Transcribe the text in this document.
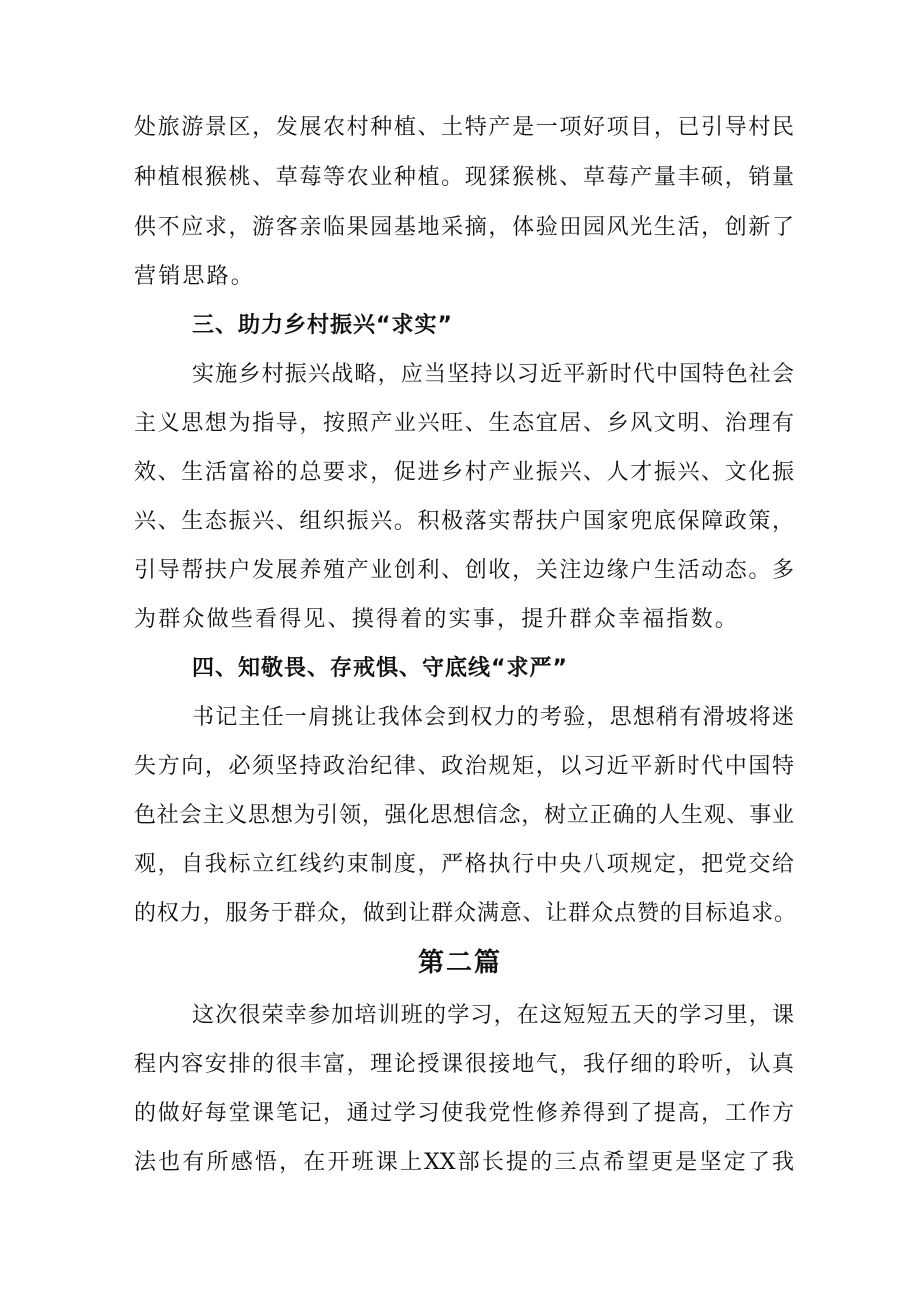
处旅游景区，发展农村种植、土特产是一项好项目，已引导村民
种植根猴桃、草莓等农业种植。现猱猴桃、草莓产量丰硕，销量
供不应求，游客亲临果园基地采摘，体验田园风光生活，创新了
营销思路。
三、助力乡村振兴“求实”
实施乡村振兴战略，应当坚持以习近平新时代中国特色社会
主义思想为指导，按照产业兴旺、生态宜居、乡风文明、治理有
效、生活富裕的总要求，促进乡村产业振兴、人才振兴、文化振
兴、生态振兴、组织振兴。积极落实帮扶户国家兜底保障政策，
引导帮扶户发展养殖产业创利、创收，关注边缘户生活动态。多
为群众做些看得见、摸得着的实事，提升群众幸福指数。
四、知敬畏、存戒惧、守底线“求严”
书记主任一肩挑让我体会到权力的考验，思想稍有滑坡将迷
失方向，必须坚持政治纪律、政治规矩，以习近平新时代中国特
色社会主义思想为引领，强化思想信念，树立正确的人生观、事业
观，自我标立红线约束制度，严格执行中央八项规定，把党交给
的权力，服务于群众，做到让群众满意、让群众点赞的目标追求。
第二篇
这次很荣幸参加培训班的学习，在这短短五天的学习里，课
程内容安排的很丰富，理论授课很接地气，我仔细的聆听，认真
的做好每堂课笔记，通过学习使我党性修养得到了提高，工作方
法也有所感悟，在开班课上XX部长提的三点希望更是坚定了我
